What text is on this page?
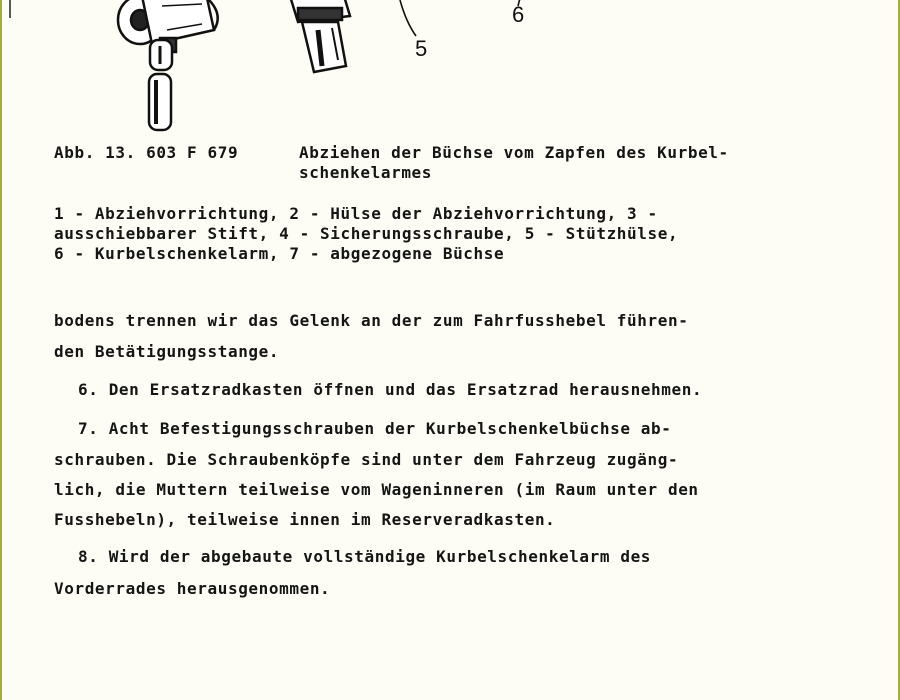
5
6
Abb. 13. 603 F 679	Abziehen der Büchse vom Zapfen des Kurbel-
schenkelarmes
1 - Abziehvorrichtung, 2 - Hülse der Abziehvorrichtung, 3 -
ausschiebbarer Stift, 4 - Sicherungsschraube, 5 - Stützhülse,
6 - Kurbelschenkelarm, 7 - abgezogene Büchse
bodens trennen wir das Gelenk an der zum Fahrfusshebel führen-
den Betätigungsstange.
6. Den Ersatzradkasten öffnen und das Ersatzrad herausnehmen.
7. Acht Befestigungsschrauben der Kurbelschenkelbüchse ab-
schrauben. Die Schraubenköpfe sind unter dem Fahrzeug zugäng-
lich, die Muttern teilweise vom Wageninneren (im Raum unter den
Fusshebeln), teilweise innen im Reserveradkasten.
8. Wird der abgebaute vollständige Kurbelschenkelarm des
Vorderrades herausgenommen.
